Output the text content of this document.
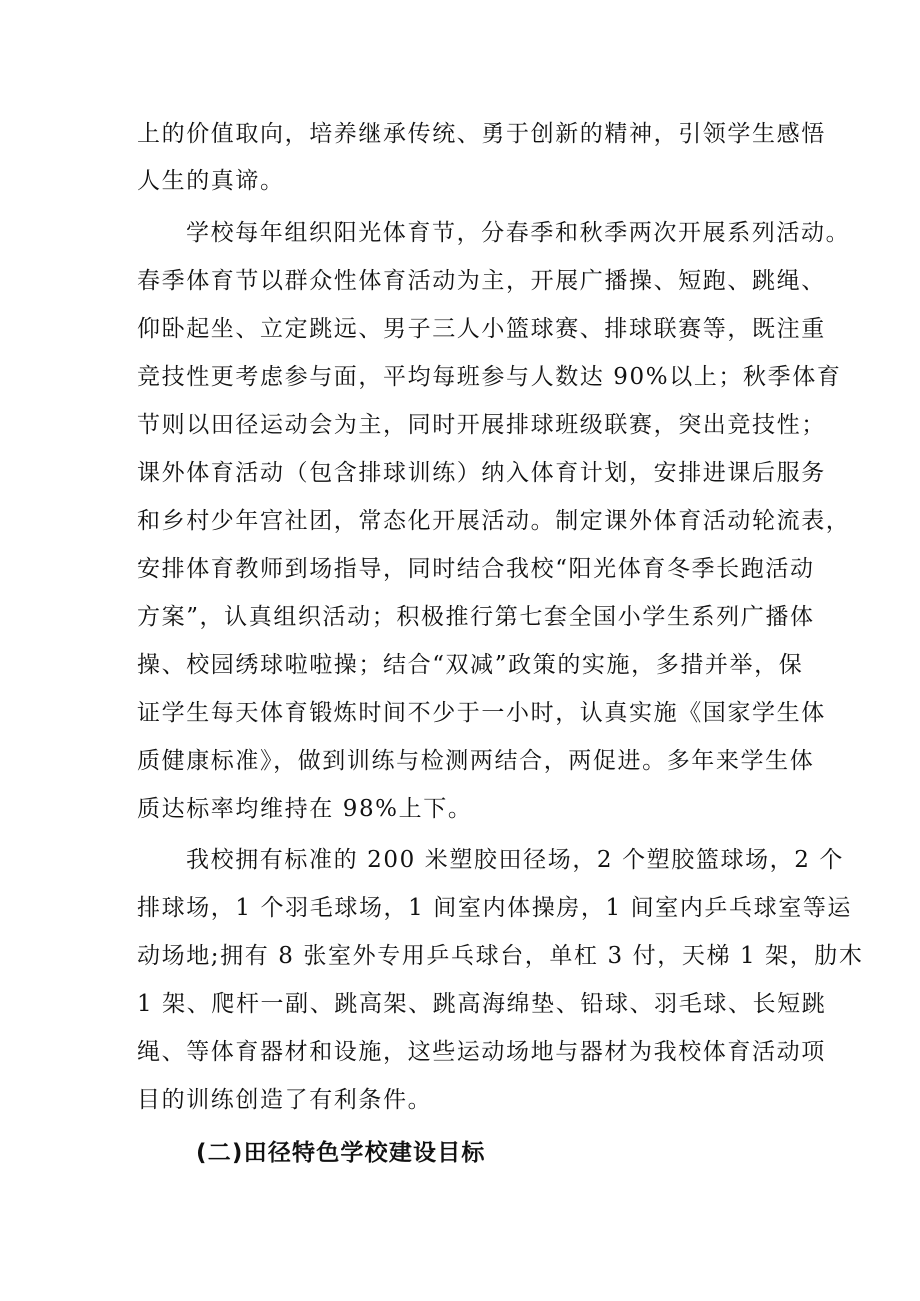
上的价值取向，培养继承传统、勇于创新的精神，引领学生感悟
人生的真谛。
学校每年组织阳光体育节，分春季和秋季两次开展系列活动。
春季体育节以群众性体育活动为主，开展广播操、短跑、跳绳、
仰卧起坐、立定跳远、男子三人小篮球赛、排球联赛等，既注重
竞技性更考虑参与面，平均每班参与人数达 90%以上；秋季体育
节则以田径运动会为主，同时开展排球班级联赛，突出竞技性；
课外体育活动（包含排球训练）纳入体育计划，安排进课后服务
和乡村少年宫社团，常态化开展活动。制定课外体育活动轮流表，
安排体育教师到场指导，同时结合我校“阳光体育冬季长跑活动
方案”，认真组织活动；积极推行第七套全国小学生系列广播体
操、校园绣球啦啦操；结合“双减”政策的实施，多措并举，保
证学生每天体育锻炼时间不少于一小时，认真实施《国家学生体
质健康标准》，做到训练与检测两结合，两促进。多年来学生体
质达标率均维持在 98%上下。
我校拥有标准的 200 米塑胶田径场，2 个塑胶篮球场，2 个
排球场，1 个羽毛球场，1 间室内体操房，1 间室内乒乓球室等运
动场地;拥有 8 张室外专用乒乓球台，单杠 3 付，天梯 1 架，肋木
1 架、爬杆一副、跳高架、跳高海绵垫、铅球、羽毛球、长短跳
绳、等体育器材和设施，这些运动场地与器材为我校体育活动项
目的训练创造了有利条件。
(二)田径特色学校建设目标
